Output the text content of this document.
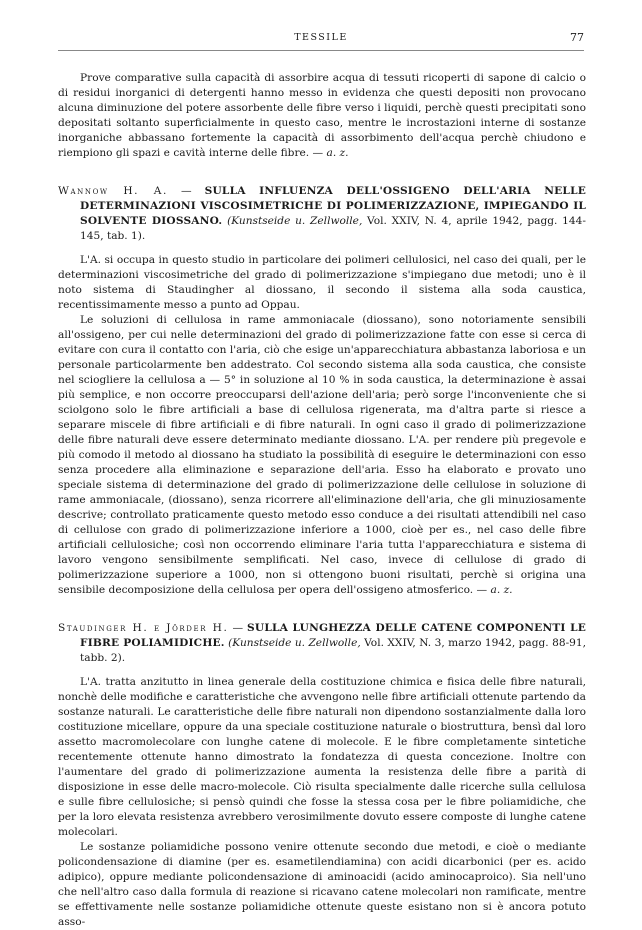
TESSILE	77

Prove comparative sulla capacità di assorbire acqua di tessuti ricoperti di sapone di calcio o di residui inorganici di detergenti hanno messo in evidenza che questi depositi non provocano alcuna diminuzione del potere assorbente delle fibre verso i liquidi, perchè questi precipitati sono depositati soltanto superficialmente in questo caso, mentre le incrostazioni interne di sostanze inorganiche abbassano fortemente la capacità di assorbimento dell'acqua perchè chiudono e riempiono gli spazi e cavità interne delle fibre. — a. z.

Wannow H. A. — SULLA INFLUENZA DELL'OSSIGENO DELL'ARIA NELLE DETERMINAZIONI VISCOSIMETRICHE DI POLIMERIZZAZIONE, IMPIEGANDO IL SOLVENTE DIOSSANO. (Kunstseide u. Zellwolle, Vol. XXIV, N. 4, aprile 1942, pagg. 144-145, tab. 1).

L'A. si occupa in questo studio in particolare dei polimeri cellulosici, nel caso dei quali, per le determinazioni viscosimetriche del grado di polimerizzazione s'impiegano due metodi; uno è il noto sistema di Staudingher al diossano, il secondo il sistema alla soda caustica, recentissimamente messo a punto ad Oppau.

Le soluzioni di cellulosa in rame ammoniacale (diossano), sono notoriamente sensibili all'ossigeno, per cui nelle determinazioni del grado di polimerizzazione fatte con esse si cerca di evitare con cura il contatto con l'aria, ciò che esige un'apparecchiatura abbastanza laboriosa e un personale particolarmente ben addestrato. Col secondo sistema alla soda caustica, che consiste nel sciogliere la cellulosa a — 5° in soluzione al 10 % in soda caustica, la determinazione è assai più semplice, e non occorre preoccuparsi dell'azione dell'aria; però sorge l'inconveniente che si sciolgono solo le fibre artificiali a base di cellulosa rigenerata, ma d'altra parte si riesce a separare miscele di fibre artificiali e di fibre naturali. In ogni caso il grado di polimerizzazione delle fibre naturali deve essere determinato mediante diossano. L'A. per rendere più pregevole e più comodo il metodo al diossano ha studiato la possibilità di eseguire le determinazioni con esso senza procedere alla eliminazione e separazione dell'aria. Esso ha elaborato e provato uno speciale sistema di determinazione del grado di polimerizzazione delle cellulose in soluzione di rame ammoniacale, (diossano), senza ricorrere all'eliminazione dell'aria, che gli minuziosamente descrive; controllato praticamente questo metodo esso conduce a dei risultati attendibili nel caso di cellulose con grado di polimerizzazione inferiore a 1000, cioè per es., nel caso delle fibre artificiali cellulosiche; così non occorrendo eliminare l'aria tutta l'apparecchiatura e sistema di lavoro vengono sensibilmente semplificati. Nel caso, invece di cellulose di grado di polimerizzazione superiore a 1000, non si ottengono buoni risultati, perchè si origina una sensibile decomposizione della cellulosa per opera dell'ossigeno atmosferico. — a. z.

Staudinger H. e Jörder H. — SULLA LUNGHEZZA DELLE CATENE COMPONENTI LE FIBRE POLIAMIDICHE. (Kunstseide u. Zellwolle, Vol. XXIV, N. 3, marzo 1942, pagg. 88-91, tabb. 2).

L'A. tratta anzitutto in linea generale della costituzione chimica e fisica delle fibre naturali, nonchè delle modifiche e caratteristiche che avvengono nelle fibre artificiali ottenute partendo da sostanze naturali. Le caratteristiche delle fibre naturali non dipendono sostanzialmente dalla loro costituzione micellare, oppure da una speciale costituzione naturale o biostruttura, bensì dal loro assetto macromolecolare con lunghe catene di molecole. E le fibre completamente sintetiche recentemente ottenute hanno dimostrato la fondatezza di questa concezione. Inoltre con l'aumentare del grado di polimerizzazione aumenta la resistenza delle fibre a parità di disposizione in esse delle macro-molecole. Ciò risulta specialmente dalle ricerche sulla cellulosa e sulle fibre cellulosiche; si pensò quindi che fosse la stessa cosa per le fibre poliamidiche, che per la loro elevata resistenza avrebbero verosimilmente dovuto essere composte di lunghe catene molecolari.

Le sostanze poliamidiche possono venire ottenute secondo due metodi, e cioè o mediante policondensazione di diamine (per es. esametilendiamina) con acidi dicarbonici (per es. acido adipico), oppure mediante policondensazione di aminoacidi (acido aminocaproico). Sia nell'uno che nell'altro caso dalla formula di reazione si ricavano catene molecolari non ramificate, mentre se effettivamente nelle sostanze poliamidiche ottenute queste esistano non si è ancora potuto asso-
